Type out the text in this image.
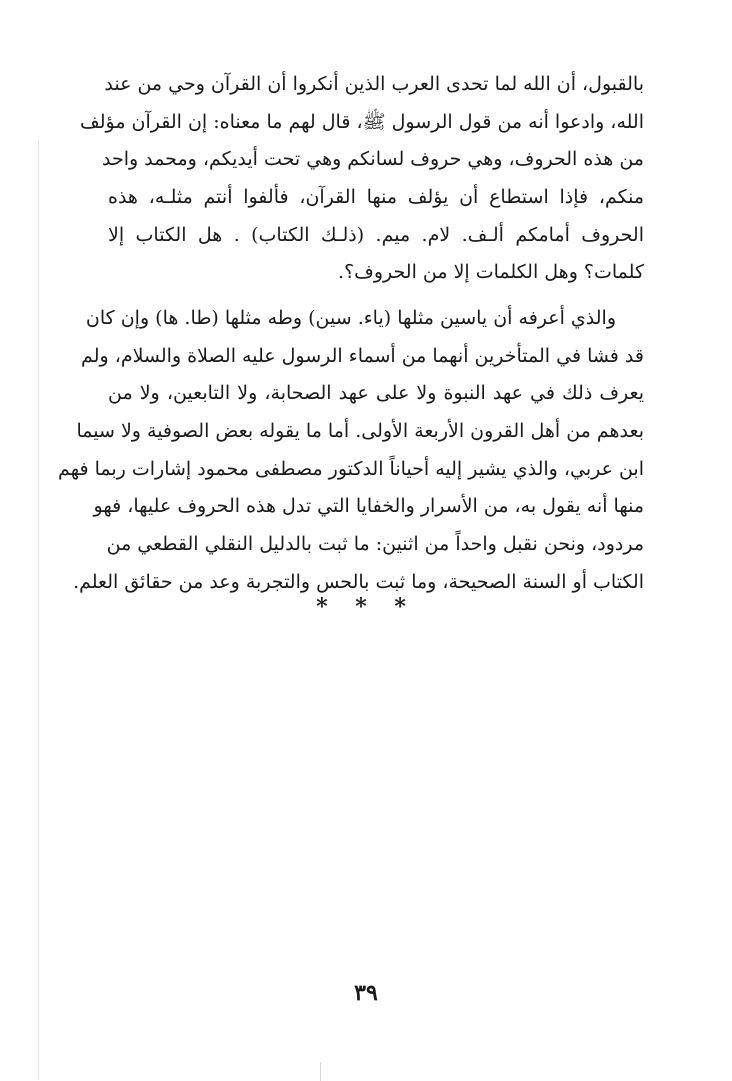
بالقبول، أن الله لما تحدى العرب الذين أنكروا أن القرآن وحي من عند
الله، وادعوا أنه من قول الرسول ﷺ، قال لهم ما معناه: إن القرآن مؤلف
من هذه الحروف، وهي حروف لسانكم وهي تحت أيديكم، ومحمد واحد
منكم، فإذا استطاع أن يؤلف منها القرآن، فألفوا أنتم مثلـه، هذه
الحروف أمامكم ألـف. لام. ميم. (ذلـك الكتاب) . هل الكتاب إلا
كلمات؟ وهل الكلمات إلا من الحروف؟.
والذي أعرفه أن ياسين مثلها (ياء. سين) وطه مثلها (طا. ها) وإن كان
قد فشا في المتأخرين أنهما من أسماء الرسول عليه الصلاة والسلام، ولم
يعرف ذلك في عهد النبوة ولا على عهد الصحابة، ولا التابعين، ولا من
بعدهم من أهل القرون الأربعة الأولى. أما ما يقوله بعض الصوفية ولا سيما
ابن عربي، والذي يشير إليه أحياناً الدكتور مصطفى محمود إشارات ربما فهم
منها أنه يقول به، من الأسرار والخفايا التي تدل هذه الحروف عليها، فهو
مردود، ونحن نقبل واحداً من اثنين: ما ثبت بالدليل النقلي القطعي من
الكتاب أو السنة الصحيحة، وما ثبت بالحس والتجربة وعد من حقائق العلم.
* * *
٣٩
